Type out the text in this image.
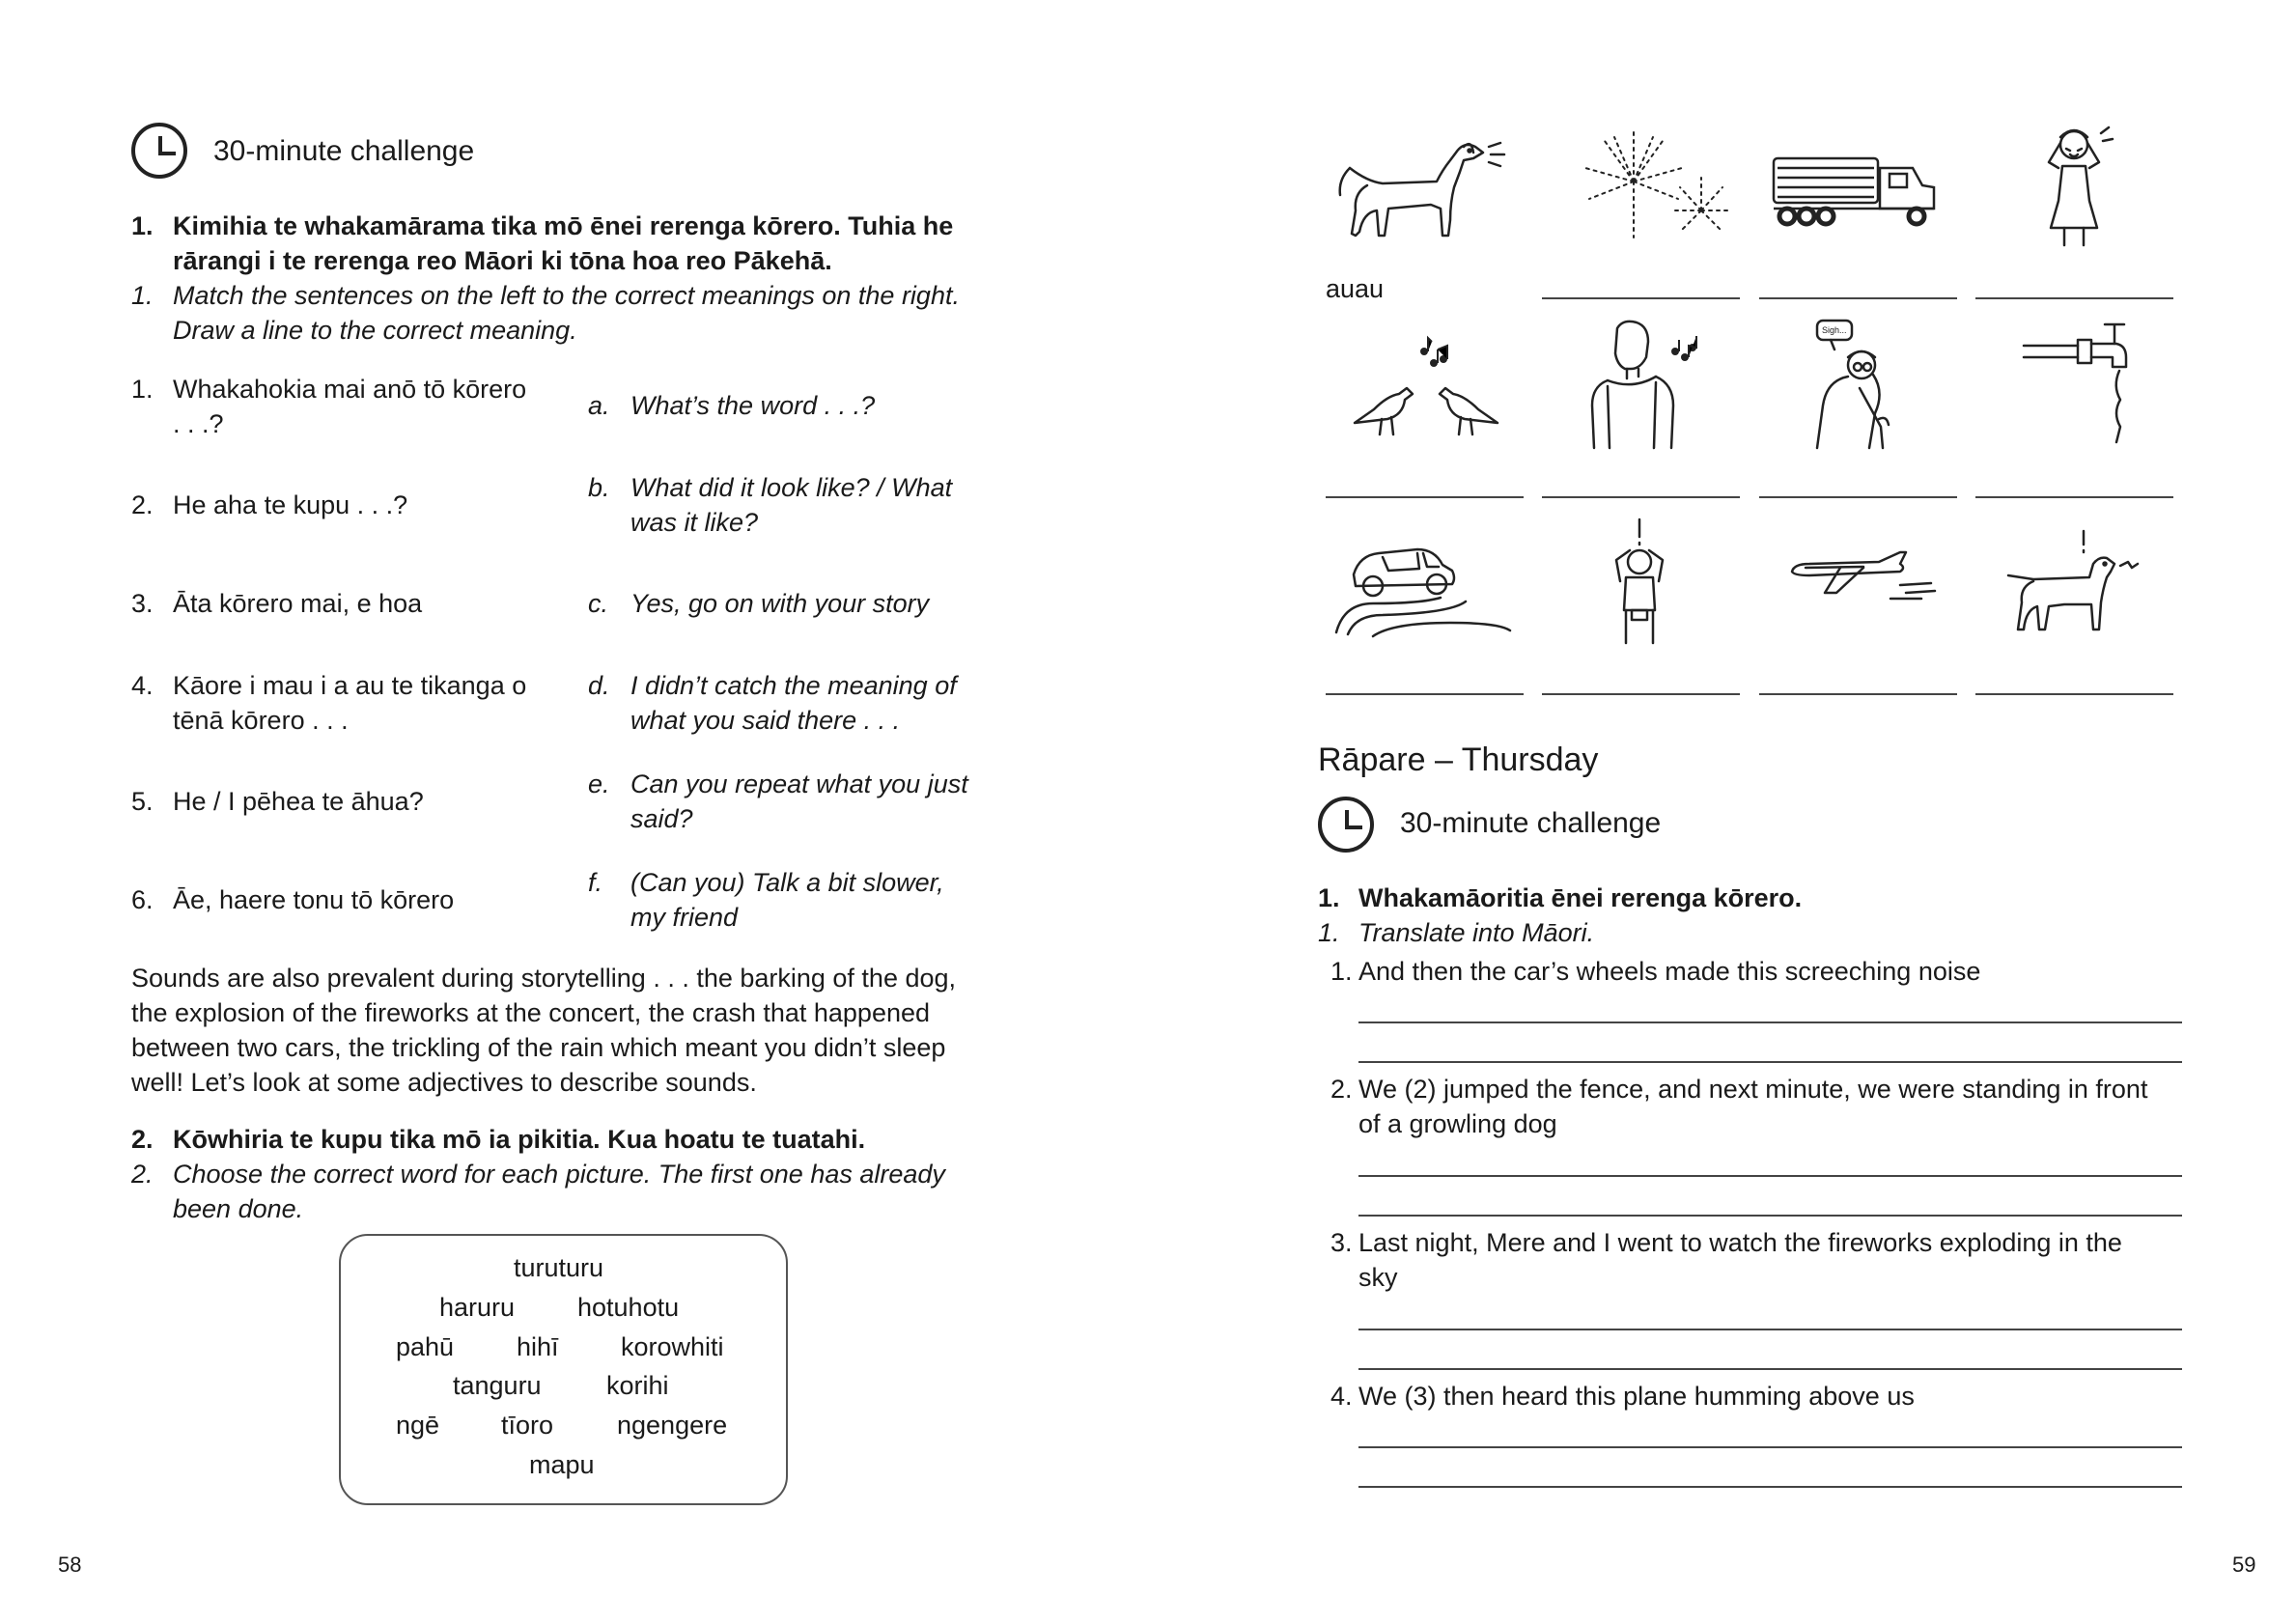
30-minute challenge
1. Kimihia te whakamārama tika mō ēnei rerenga kōrero. Tuhia he
rārangi i te rerenga reo Māori ki tōna hoa reo Pākehā.
1. Match the sentences on the left to the correct meanings on the right.
Draw a line to the correct meaning.
1. Whakahokia mai anō tō kōrero
. . .?
2. He aha te kupu . . .?
3. Āta kōrero mai, e hoa
4. Kāore i mau i a au te tikanga o
tēnā kōrero . . .
5. He / I pēhea te āhua?
6. Āe, haere tonu tō kōrero
a. What’s the word . . .?
b. What did it look like? / What
was it like?
c. Yes, go on with your story
d. I didn’t catch the meaning of
what you said there . . .
e. Can you repeat what you just
said?
f. (Can you) Talk a bit slower,
my friend
Sounds are also prevalent during storytelling . . . the barking of the dog,
the explosion of the fireworks at the concert, the crash that happened
between two cars, the trickling of the rain which meant you didn’t sleep
well! Let’s look at some adjectives to describe sounds.
2. Kōwhiria te kupu tika mō ia pikitia. Kua hoatu te tuatahi.
2. Choose the correct word for each picture. The first one has already
been done.
turuturu
haruru hotuhotu
pahū hihī korowhiti
tanguru korihi
ngē tīoro ngengere
mapu
58
auau
Sigh...
Rāpare – Thursday
30-minute challenge
1. Whakamāoritia ēnei rerenga kōrero.
1. Translate into Māori.
1. And then the car’s wheels made this screeching noise
2. We (2) jumped the fence, and next minute, we were standing in front
of a growling dog
3. Last night, Mere and I went to watch the fireworks exploding in the
sky
4. We (3) then heard this plane humming above us
59
